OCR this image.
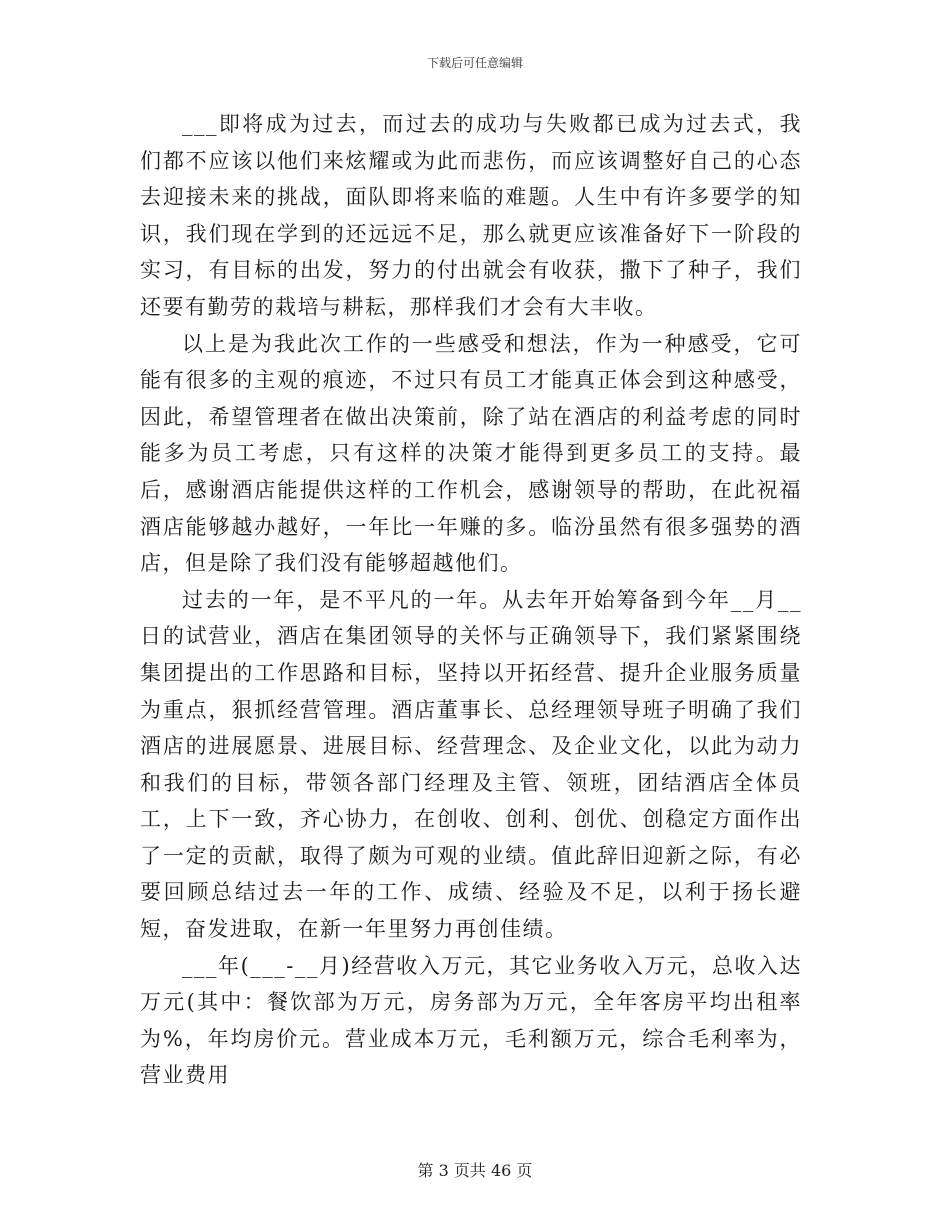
下载后可任意编辑

___即将成为过去，而过去的成功与失败都已成为过去式，我们都不应该以他们来炫耀或为此而悲伤，而应该调整好自己的心态去迎接未来的挑战，面队即将来临的难题。人生中有许多要学的知识，我们现在学到的还远远不足，那么就更应该准备好下一阶段的实习，有目标的出发，努力的付出就会有收获，撒下了种子，我们还要有勤劳的栽培与耕耘，那样我们才会有大丰收。

以上是为我此次工作的一些感受和想法，作为一种感受，它可能有很多的主观的痕迹，不过只有员工才能真正体会到这种感受，因此，希望管理者在做出决策前，除了站在酒店的利益考虑的同时能多为员工考虑，只有这样的决策才能得到更多员工的支持。最后，感谢酒店能提供这样的工作机会，感谢领导的帮助，在此祝福酒店能够越办越好，一年比一年赚的多。临汾虽然有很多强势的酒店，但是除了我们没有能够超越他们。

过去的一年，是不平凡的一年。从去年开始筹备到今年__月__日的试营业，酒店在集团领导的关怀与正确领导下，我们紧紧围绕集团提出的工作思路和目标，坚持以开拓经营、提升企业服务质量为重点，狠抓经营管理。酒店董事长、总经理领导班子明确了我们酒店的进展愿景、进展目标、经营理念、及企业文化，以此为动力和我们的目标，带领各部门经理及主管、领班，团结酒店全体员工，上下一致，齐心协力，在创收、创利、创优、创稳定方面作出了一定的贡献，取得了颇为可观的业绩。值此辞旧迎新之际，有必要回顾总结过去一年的工作、成绩、经验及不足，以利于扬长避短，奋发进取，在新一年里努力再创佳绩。

___年(___-__月)经营收入万元，其它业务收入万元，总收入达万元(其中：餐饮部为万元，房务部为万元，全年客房平均出租率为%，年均房价元。营业成本万元，毛利额万元，综合毛利率为，营业费用

第 3 页共 46 页
